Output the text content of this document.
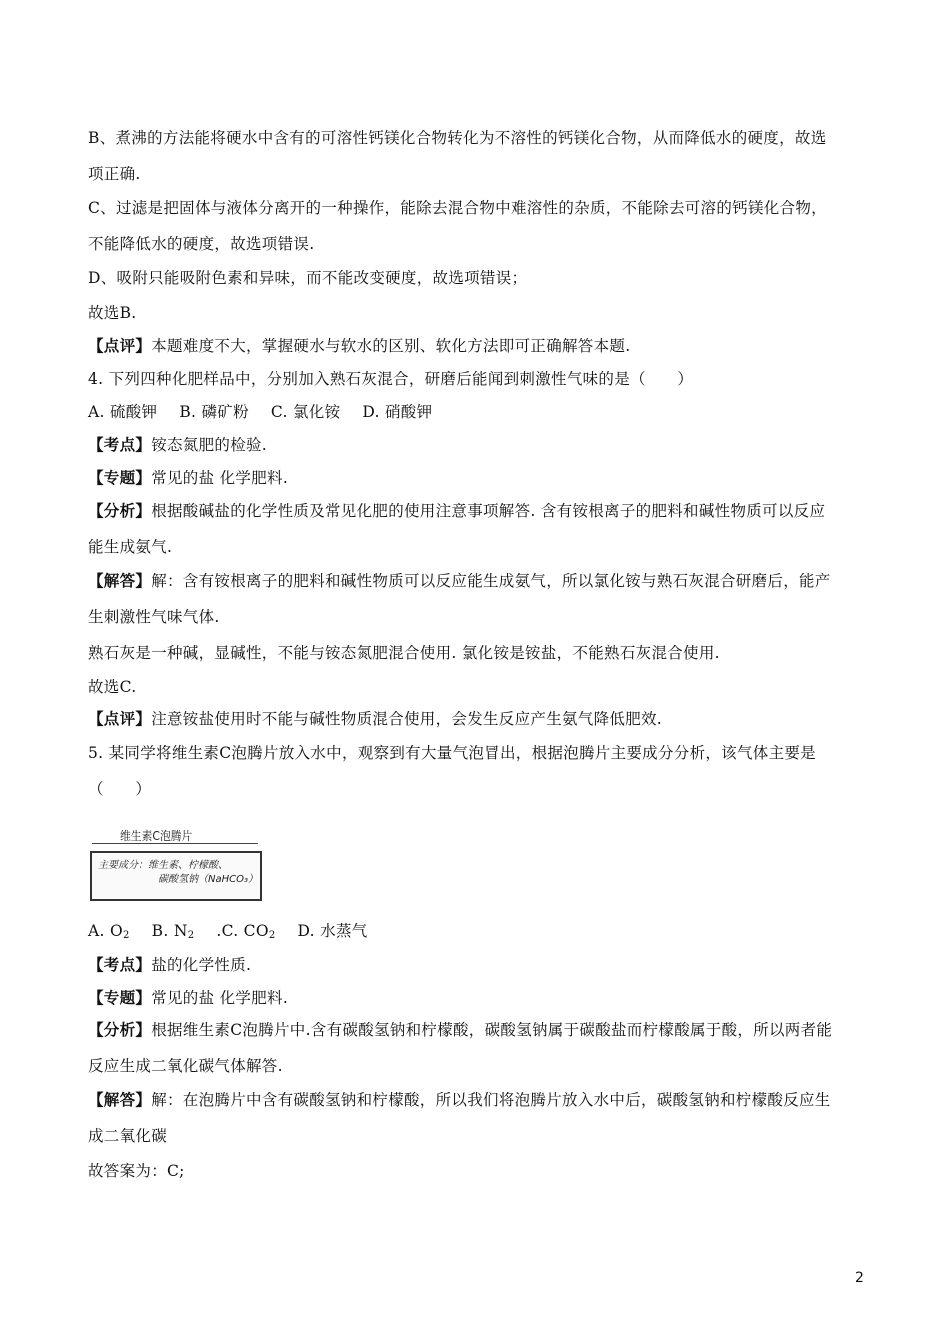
B、煮沸的方法能将硬水中含有的可溶性钙镁化合物转化为不溶性的钙镁化合物，从而降低水的硬度，故选
项正确.
C、过滤是把固体与液体分离开的一种操作，能除去混合物中难溶性的杂质，不能除去可溶的钙镁化合物，
不能降低水的硬度，故选项错误.
D、吸附只能吸附色素和异味，而不能改变硬度，故选项错误；
故选B.
【点评】本题难度不大，掌握硬水与软水的区别、软化方法即可正确解答本题.
4. 下列四种化肥样品中，分别加入熟石灰混合，研磨后能闻到刺激性气味的是（　　）
A. 硫酸钾 B. 磷矿粉 C. 氯化铵 D. 硝酸钾
【考点】铵态氮肥的检验.
【专题】常见的盐 化学肥料.
【分析】根据酸碱盐的化学性质及常见化肥的使用注意事项解答. 含有铵根离子的肥料和碱性物质可以反应
能生成氨气.
【解答】解：含有铵根离子的肥料和碱性物质可以反应能生成氨气，所以氯化铵与熟石灰混合研磨后，能产
生刺激性气味气体.
熟石灰是一种碱，显碱性，不能与铵态氮肥混合使用. 氯化铵是铵盐，不能熟石灰混合使用.
故选C.
【点评】注意铵盐使用时不能与碱性物质混合使用，会发生反应产生氨气降低肥效.
5. 某同学将维生素C泡腾片放入水中，观察到有大量气泡冒出，根据泡腾片主要成分分析，该气体主要是
（　　）
维生素C泡腾片
主要成分：维生素、柠檬酸、
碳酸氢钠（NaHCO₃）
A. $O_2$ B. $N_2$ .C. $CO_2$ D. 水蒸气
【考点】盐的化学性质.
【专题】常见的盐 化学肥料.
【分析】根据维生素C泡腾片中.含有碳酸氢钠和柠檬酸，碳酸氢钠属于碳酸盐而柠檬酸属于酸，所以两者能
反应生成二氧化碳气体解答.
【解答】解：在泡腾片中含有碳酸氢钠和柠檬酸，所以我们将泡腾片放入水中后，碳酸氢钠和柠檬酸反应生
成二氧化碳
故答案为：C;
2
